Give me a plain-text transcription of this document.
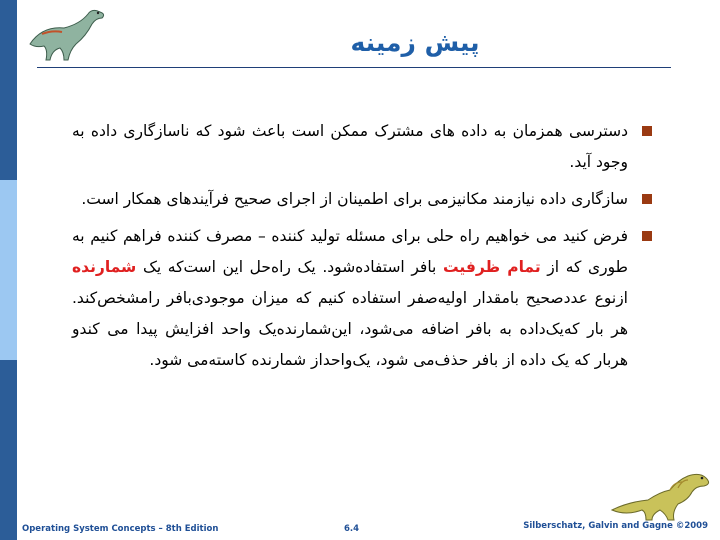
پیش زمینه
دسترسی همزمان به داده های مشترک ممکن است باعث شود که ناسازگاری داده به وجود آید.
سازگاری داده نیازمند مکانیزمی برای اطمینان از اجرای صحیح فرآیندهای همکار است.
فرض کنید می خواهیم راه حلی برای مسئله تولید کننده – مصرف کننده فراهم کنیم به طوری که از تمام ظرفیت بافر استفاده‌شود. یک راه‌حل این است‌که یک شمارنده از‌نوع عدد‌صحیح با‌مقدار اولیه‌صفر استفاده کنیم که میزان موجودی‌بافر را‌مشخص‌کند. هر بار که‌یک‌داده به بافر اضافه می‌شود، این‌شمارنده‌یک واحد افزایش پیدا می کندو هر‌بار که یک داده از بافر حذف‌می شود، یک‌واحد‌از شمارنده کاسته‌می شود.
Operating System Concepts – 8th Edition	6.4	Silberschatz, Galvin and Gagne ©2009
